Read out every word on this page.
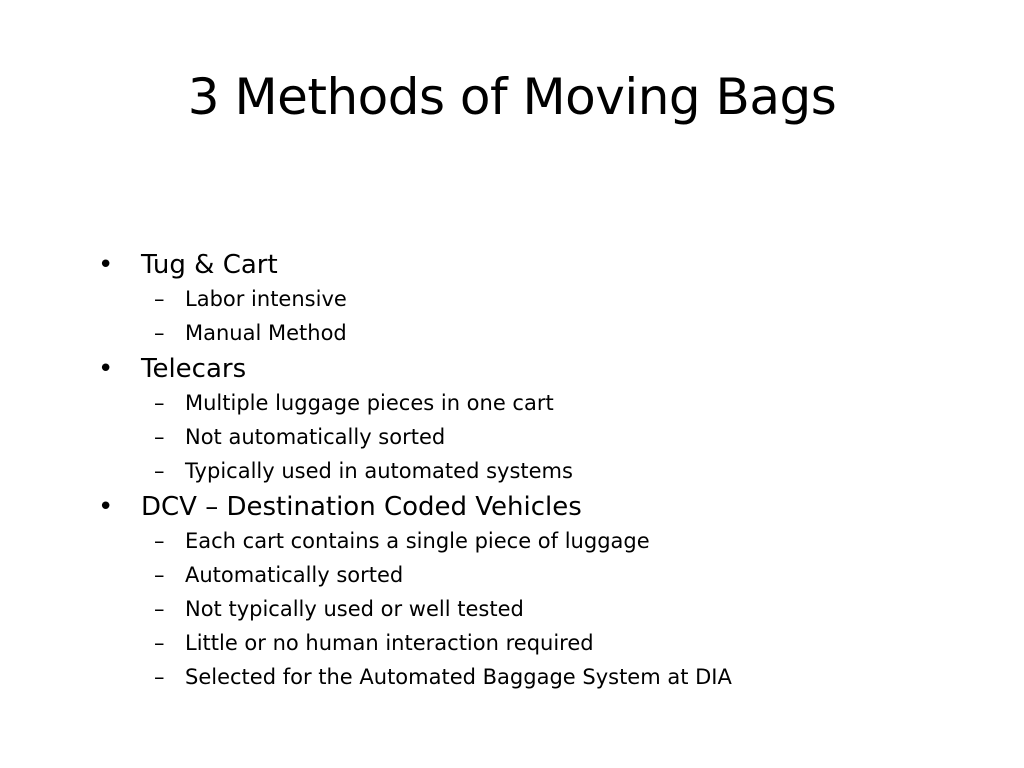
3 Methods of Moving Bags
• Tug & Cart
– Labor intensive
– Manual Method
• Telecars
– Multiple luggage pieces in one cart
– Not automatically sorted
– Typically used in automated systems
• DCV – Destination Coded Vehicles
– Each cart contains a single piece of luggage
– Automatically sorted
– Not typically used or well tested
– Little or no human interaction required
– Selected for the Automated Baggage System at DIA
